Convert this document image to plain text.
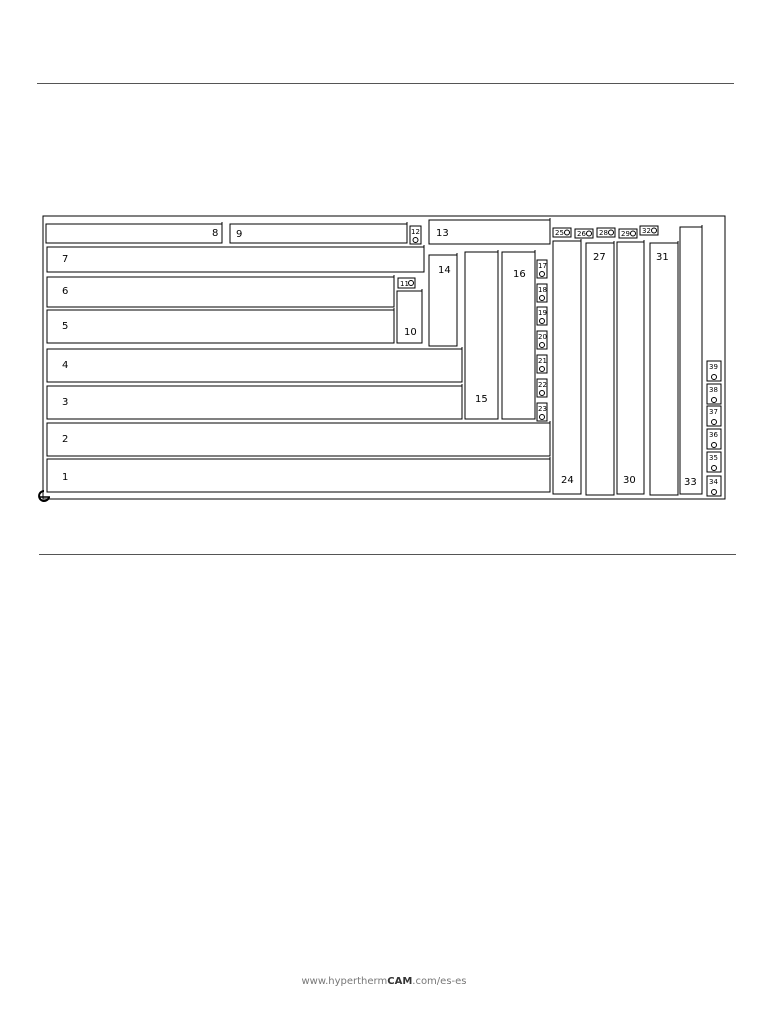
1
2
3
4
5
6
7
8 9
10
11
12 13
14
15
16
17
18
19
20
21
22
23
24
25 26
27
28 29
30
31
32
33 34
35
36
37
38
39
www.hyperthermCAM.com/es-es
